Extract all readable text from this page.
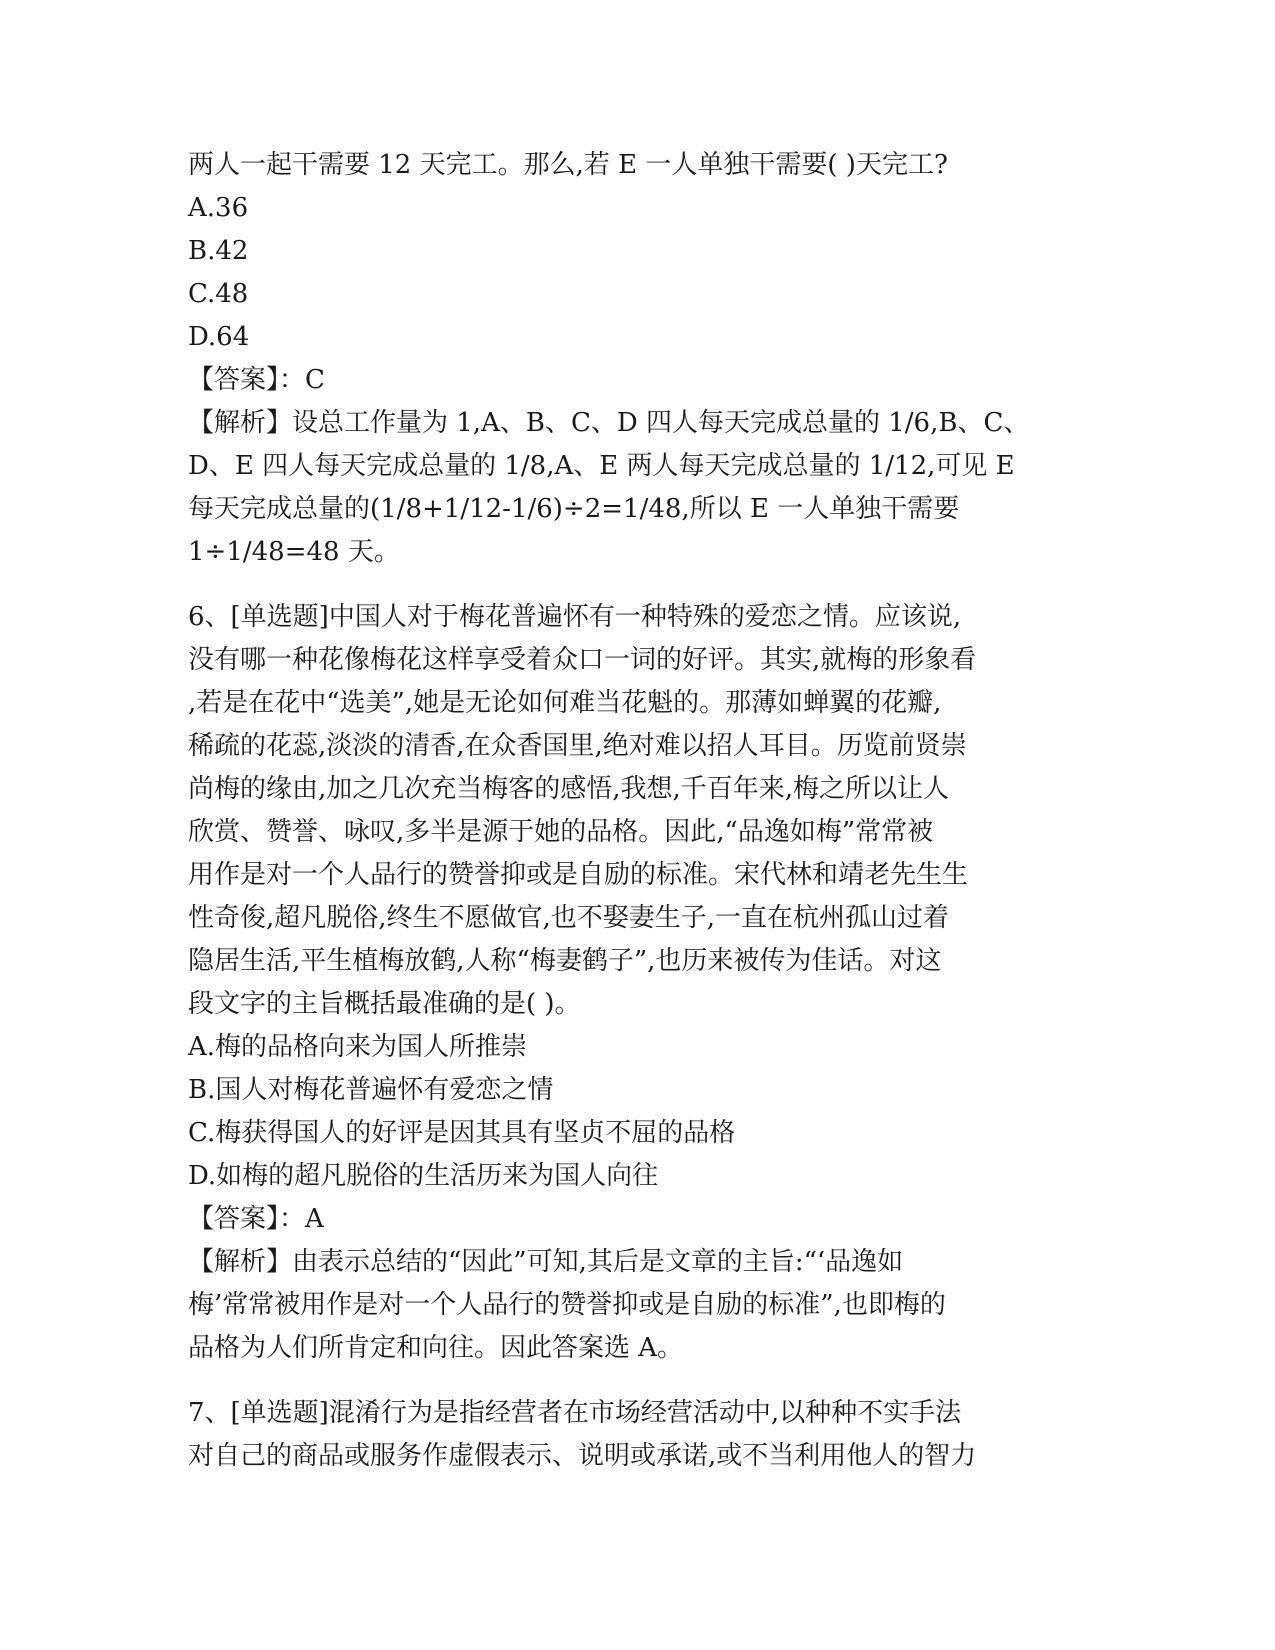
两人一起干需要 12 天完工。那么,若 E 一人单独干需要( )天完工?
A.36
B.42
C.48
D.64
【答案】：C
【解析】设总工作量为 1,A、B、C、D 四人每天完成总量的 1/6,B、C、
D、E 四人每天完成总量的 1/8,A、E 两人每天完成总量的 1/12,可见 E
每天完成总量的(1/8+1/12-1/6)÷2=1/48,所以 E 一人单独干需要
1÷1/48=48 天。
6、[单选题]中国人对于梅花普遍怀有一种特殊的爱恋之情。应该说,
没有哪一种花像梅花这样享受着众口一词的好评。其实,就梅的形象看
,若是在花中“选美”,她是无论如何难当花魁的。那薄如蝉翼的花瓣,
稀疏的花蕊,淡淡的清香,在众香国里,绝对难以招人耳目。历览前贤崇
尚梅的缘由,加之几次充当梅客的感悟,我想,千百年来,梅之所以让人
欣赏、赞誉、咏叹,多半是源于她的品格。因此,“品逸如梅”常常被
用作是对一个人品行的赞誉抑或是自励的标准。宋代林和靖老先生生
性奇俊,超凡脱俗,终生不愿做官,也不娶妻生子,一直在杭州孤山过着
隐居生活,平生植梅放鹤,人称“梅妻鹤子”,也历来被传为佳话。对这
段文字的主旨概括最准确的是( )。
A.梅的品格向来为国人所推崇
B.国人对梅花普遍怀有爱恋之情
C.梅获得国人的好评是因其具有坚贞不屈的品格
D.如梅的超凡脱俗的生活历来为国人向往
【答案】：A
【解析】由表示总结的“因此”可知,其后是文章的主旨:“‘品逸如
梅’常常被用作是对一个人品行的赞誉抑或是自励的标准”,也即梅的
品格为人们所肯定和向往。因此答案选 A。
7、[单选题]混淆行为是指经营者在市场经营活动中,以种种不实手法
对自己的商品或服务作虚假表示、说明或承诺,或不当利用他人的智力
